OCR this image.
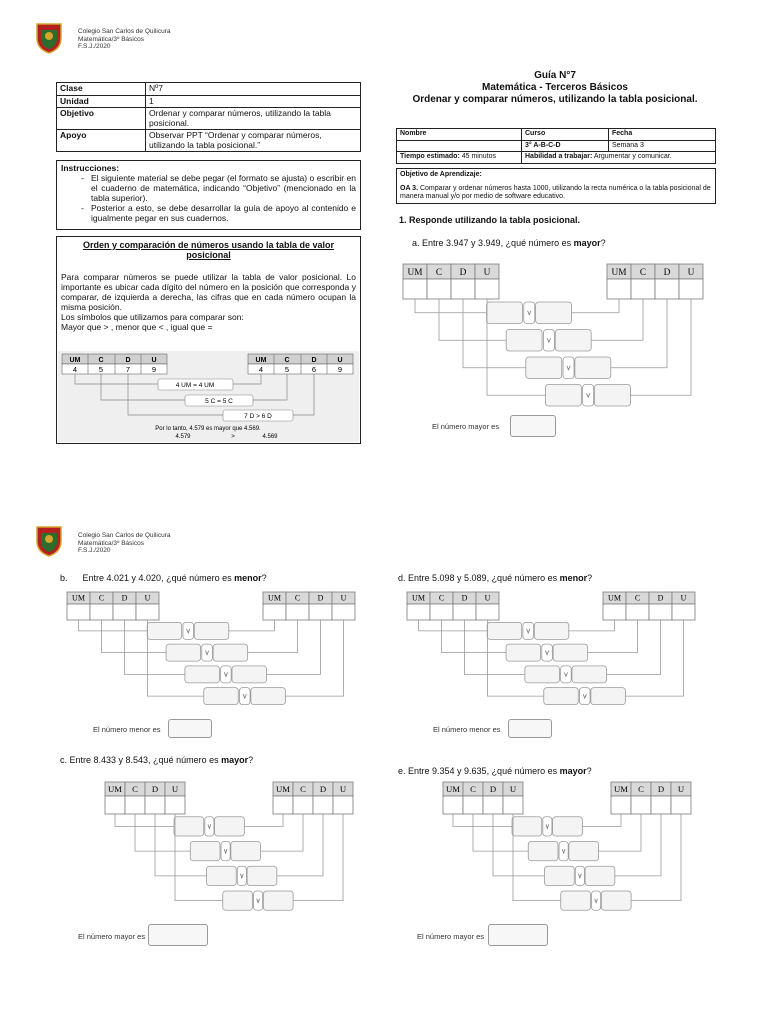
Colegio San Carlos de Quilicura
Matemática/3º Básicos
F.S.J./2020
Clase	Nº7
Unidad	1
Objetivo	Ordenar y comparar números, utilizando la tabla posicional.
Apoyo	Observar PPT “Ordenar y comparar números, utilizando la tabla posicional.”
Instrucciones:
- El siguiente material se debe pegar (el formato se ajusta) o escribir en el cuaderno de matemática, indicando “Objetivo” (mencionado en la tabla superior).
- Posterior a esto, se debe desarrollar la guía de apoyo al contenido e igualmente pegar en sus cuadernos.
Orden y comparación de números usando la tabla de valor posicional
Para comparar números se puede utilizar la tabla de valor posicional. Lo importante es ubicar cada dígito del número en la posición que corresponda y comparar, de izquierda a derecha, las cifras que en cada número ocupan la misma posición.
Los símbolos que utilizamos para comparar son:
Mayor que > , menor que < , igual que =
UM	C	D	U
4	5	7	9
UM	C	D	U
4	5	6	9
4 UM = 4 UM
5 C = 5 C
7 D > 6 D
Por lo tanto, 4.579 es mayor que 4.569.
4.579	>	4.569
Guía N°7
Matemática - Terceros Básicos
Ordenar y comparar números, utilizando la tabla posicional.
Nombre	Curso	Fecha
	3° A-B-C-D	Semana 3
Tiempo estimado: 45 minutos	Habilidad a trabajar: Argumentar y comunicar.	
Objetivo de Aprendizaje:
OA 3. Comparar y ordenar números hasta 1000, utilizando la recta numérica o la tabla posicional de manera manual y/o por medio de software educativo.
1. Responde utilizando la tabla posicional.
a. Entre 3.947 y 3.949, ¿qué número es mayor?
UM C D U	UM C D U
El número mayor es
Colegio San Carlos de Quilicura
Matemática/3º Básicos
F.S.J./2020
b.      Entre 4.021 y 4.020, ¿qué número es menor?
UM C D U	UM C D U
El número menor es
d. Entre 5.098 y 5.089, ¿qué número es menor?
UM C D U	UM C D U
El número menor es
c. Entre 8.433 y 8.543, ¿qué número es mayor?
UM C D U	UM C D U
El número mayor es
e. Entre 9.354 y 9.635, ¿qué número es mayor?
UM C D U	UM C D U
El número mayor es
